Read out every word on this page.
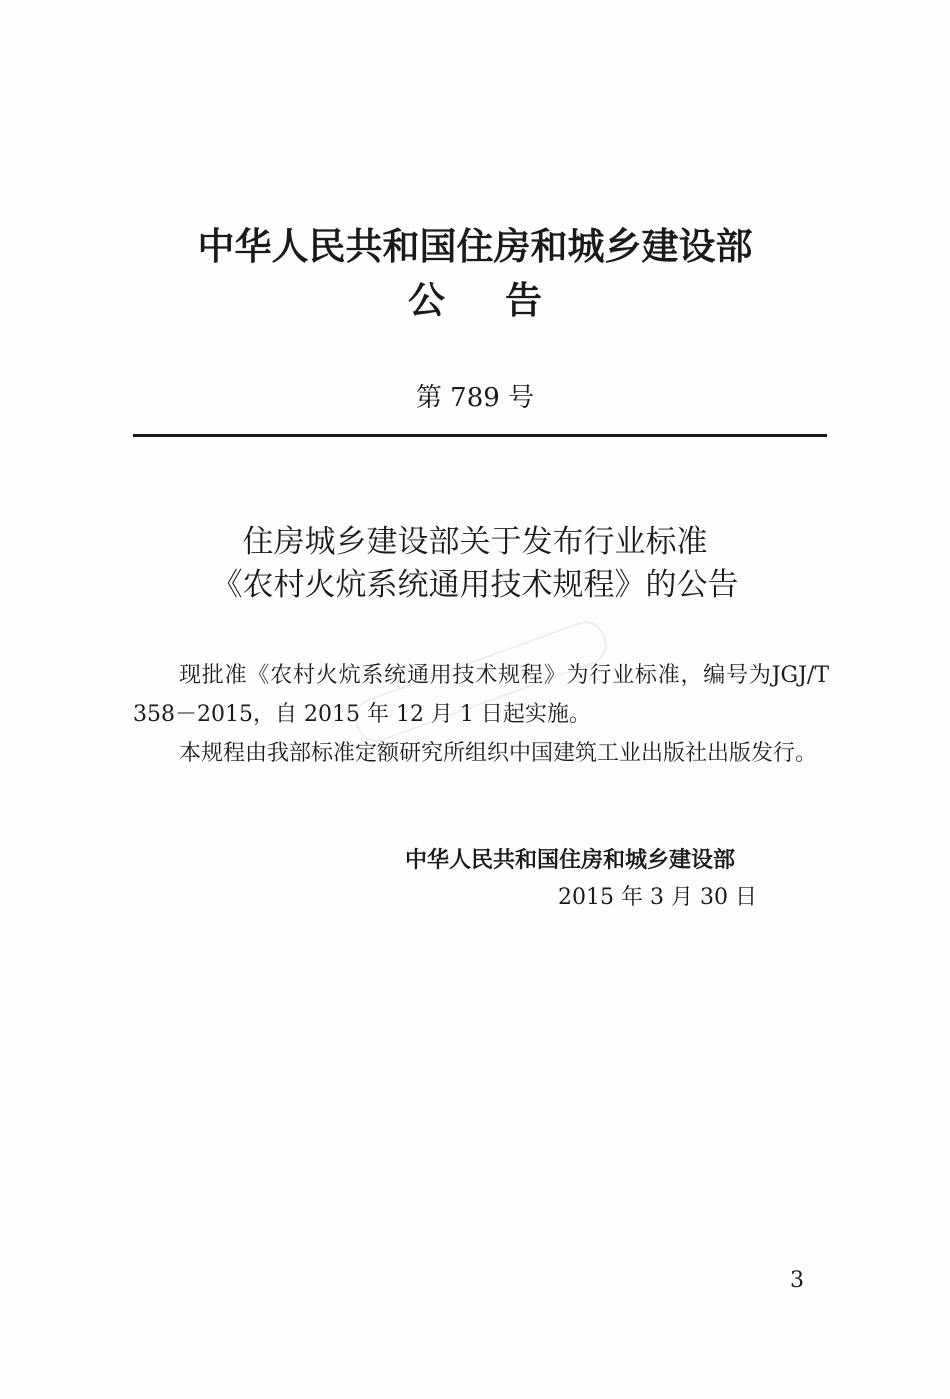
中华人民共和国住房和城乡建设部
公告

第 789 号

住房城乡建设部关于发布行业标准

《农村火炕系统通用技术规程》的公告

现批准《农村火炕系统通用技术规程》为行业标准，编号为JGJ/T 358－2015，自 2015 年 12 月 1 日起实施。

本规程由我部标准定额研究所组织中国建筑工业出版社出版发行。

中华人民共和国住房和城乡建设部

2015 年 3 月 30 日

3
